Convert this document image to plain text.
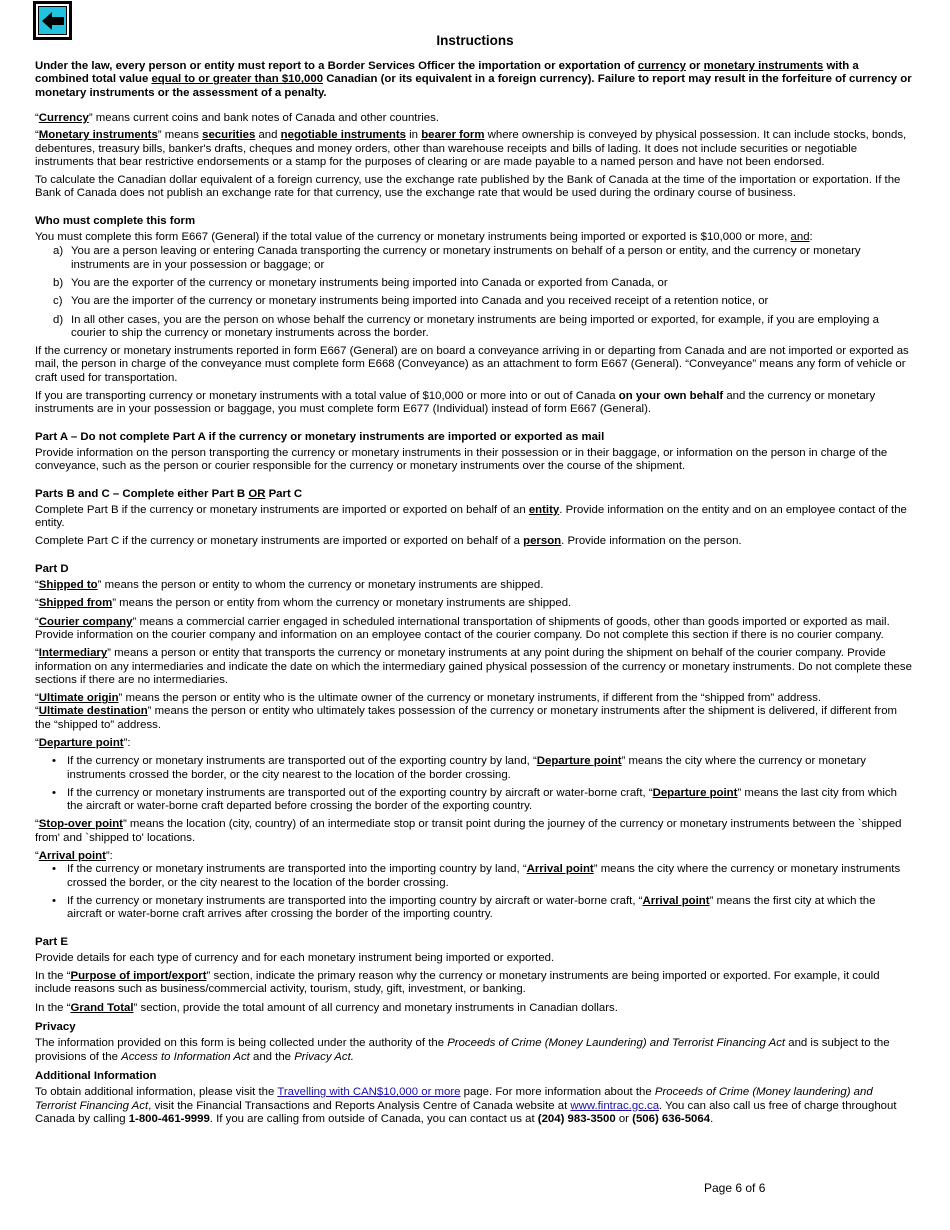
Instructions
Under the law, every person or entity must report to a Border Services Officer the importation or exportation of currency or monetary instruments with a combined total value equal to or greater than $10,000 Canadian (or its equivalent in a foreign currency). Failure to report may result in the forfeiture of currency or monetary instruments or the assessment of a penalty.

“Currency” means current coins and bank notes of Canada and other countries.

“Monetary instruments” means securities and negotiable instruments in bearer form where ownership is conveyed by physical possession. It can include stocks, bonds, debentures, treasury bills, banker's drafts, cheques and money orders, other than warehouse receipts and bills of lading. It does not include securities or negotiable instruments that bear restrictive endorsements or a stamp for the purposes of clearing or are made payable to a named person and have not been endorsed.

To calculate the Canadian dollar equivalent of a foreign currency, use the exchange rate published by the Bank of Canada at the time of the importation or exportation. If the Bank of Canada does not publish an exchange rate for that currency, use the exchange rate that would be used during the ordinary course of business.

Who must complete this form

You must complete this form E667 (General) if the total value of the currency or monetary instruments being imported or exported is $10,000 or more, and:

a) You are a person leaving or entering Canada transporting the currency or monetary instruments on behalf of a person or entity, and the currency or monetary instruments are in your possession or baggage; or
b) You are the exporter of the currency or monetary instruments being imported into Canada or exported from Canada, or
c) You are the importer of the currency or monetary instruments being imported into Canada and you received receipt of a retention notice, or
d) In all other cases, you are the person on whose behalf the currency or monetary instruments are being imported or exported, for example, if you are employing a courier to ship the currency or monetary instruments across the border.

If the currency or monetary instruments reported in form E667 (General) are on board a conveyance arriving in or departing from Canada and are not imported or exported as mail, the person in charge of the conveyance must complete form E668 (Conveyance) as an attachment to form E667 (General). “Conveyance” means any form of vehicle or craft used for transportation.

If you are transporting currency or monetary instruments with a total value of $10,000 or more into or out of Canada on your own behalf and the currency or monetary instruments are in your possession or baggage, you must complete form E677 (Individual) instead of form E667 (General).

Part A – Do not complete Part A if the currency or monetary instruments are imported or exported as mail

Provide information on the person transporting the currency or monetary instruments in their possession or in their baggage, or information on the person in charge of the conveyance, such as the person or courier responsible for the currency or monetary instruments over the course of the shipment.

Parts B and C – Complete either Part B OR Part C

Complete Part B if the currency or monetary instruments are imported or exported on behalf of an entity. Provide information on the entity and on an employee contact of the entity.

Complete Part C if the currency or monetary instruments are imported or exported on behalf of a person. Provide information on the person.

Part D

“Shipped to” means the person or entity to whom the currency or monetary instruments are shipped.

“Shipped from” means the person or entity from whom the currency or monetary instruments are shipped.

“Courier company” means a commercial carrier engaged in scheduled international transportation of shipments of goods, other than goods imported or exported as mail. Provide information on the courier company and information on an employee contact of the courier company. Do not complete this section if there is no courier company.

“Intermediary” means a person or entity that transports the currency or monetary instruments at any point during the shipment on behalf of the courier company. Provide information on any intermediaries and indicate the date on which the intermediary gained physical possession of the currency or monetary instruments. Do not complete these sections if there are no intermediaries.

“Ultimate origin” means the person or entity who is the ultimate owner of the currency or monetary instruments, if different from the “shipped from” address.

“Ultimate destination” means the person or entity who ultimately takes possession of the currency or monetary instruments after the shipment is delivered, if different from the “shipped to” address.

“Departure point”:

• If the currency or monetary instruments are transported out of the exporting country by land, “Departure point” means the city where the currency or monetary instruments crossed the border, or the city nearest to the location of the border crossing.
• If the currency or monetary instruments are transported out of the exporting country by aircraft or water-borne craft, “Departure point” means the last city from which the aircraft or water-borne craft departed before crossing the border of the exporting country.

“Stop-over point” means the location (city, country) of an intermediate stop or transit point during the journey of the currency or monetary instruments between the `shipped from' and `shipped to' locations.

“Arrival point”:

• If the currency or monetary instruments are transported into the importing country by land, “Arrival point” means the city where the currency or monetary instruments crossed the border, or the city nearest to the location of the border crossing.
• If the currency or monetary instruments are transported into the importing country by aircraft or water-borne craft, “Arrival point” means the first city at which the aircraft or water-borne craft arrives after crossing the border of the importing country.
Part E

Provide details for each type of currency and for each monetary instrument being imported or exported.

In the “Purpose of import/export” section, indicate the primary reason why the currency or monetary instruments are being imported or exported. For example, it could include reasons such as business/commercial activity, tourism, study, gift, investment, or banking.

In the “Grand Total” section, provide the total amount of all currency and monetary instruments in Canadian dollars.

Privacy

The information provided on this form is being collected under the authority of the Proceeds of Crime (Money Laundering) and Terrorist Financing Act and is subject to the provisions of the Access to Information Act and the Privacy Act.

Additional Information

To obtain additional information, please visit the Travelling with CAN$10,000 or more page. For more information about the Proceeds of Crime (Money laundering) and Terrorist Financing Act, visit the Financial Transactions and Reports Analysis Centre of Canada website at www.fintrac.gc.ca. You can also call us free of charge throughout Canada by calling 1-800-461-9999. If you are calling from outside of Canada, you can contact us at (204) 983-3500 or (506) 636-5064.

Page 6 of 6
